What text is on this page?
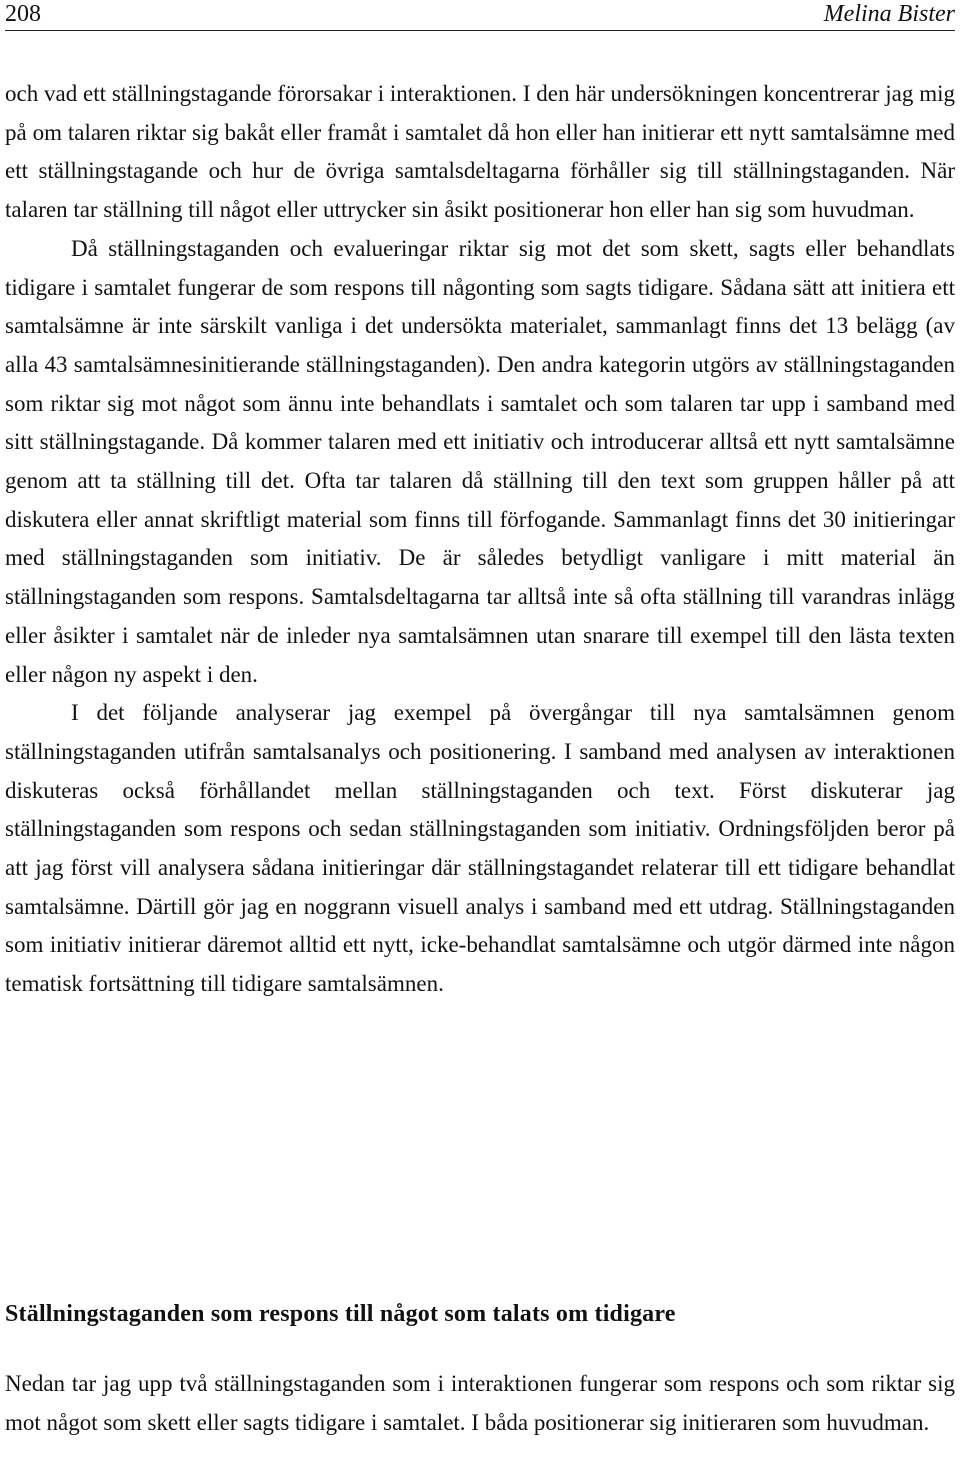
208	Melina Bister

och vad ett ställningstagande förorsakar i interaktionen. I den här undersökningen koncentrerar jag mig på om talaren riktar sig bakåt eller framåt i samtalet då hon eller han initierar ett nytt samtalsämne med ett ställningstagande och hur de övriga samtalsdeltagarna förhåller sig till ställningstaganden. När talaren tar ställning till något eller uttrycker sin åsikt positionerar hon eller han sig som huvudman.

Då ställningstaganden och evalueringar riktar sig mot det som skett, sagts eller behandlats tidigare i samtalet fungerar de som respons till någonting som sagts tidigare. Sådana sätt att initiera ett samtalsämne är inte särskilt vanliga i det undersökta materialet, sammanlagt finns det 13 belägg (av alla 43 samtalsämnesinitierande ställningstaganden). Den andra kategorin utgörs av ställningstaganden som riktar sig mot något som ännu inte behandlats i samtalet och som talaren tar upp i samband med sitt ställningstagande. Då kommer talaren med ett initiativ och introducerar alltså ett nytt samtalsämne genom att ta ställning till det. Ofta tar talaren då ställning till den text som gruppen håller på att diskutera eller annat skriftligt material som finns till förfogande. Sammanlagt finns det 30 initieringar med ställningstaganden som initiativ. De är således betydligt vanligare i mitt material än ställningstaganden som respons. Samtalsdeltagarna tar alltså inte så ofta ställning till varandras inlägg eller åsikter i samtalet när de inleder nya samtalsämnen utan snarare till exempel till den lästa texten eller någon ny aspekt i den.

I det följande analyserar jag exempel på övergångar till nya samtalsämnen genom ställningstaganden utifrån samtalsanalys och positionering. I samband med analysen av interaktionen diskuteras också förhållandet mellan ställningstaganden och text. Först diskuterar jag ställningstaganden som respons och sedan ställningstaganden som initiativ. Ordningsföljden beror på att jag först vill analysera sådana initieringar där ställningstagandet relaterar till ett tidigare behandlat samtalsämne. Därtill gör jag en noggrann visuell analys i samband med ett utdrag. Ställningstaganden som initiativ initierar däremot alltid ett nytt, icke-behandlat samtalsämne och utgör därmed inte någon tematisk fortsättning till tidigare samtalsämnen.

Ställningstaganden som respons till något som talats om tidigare

Nedan tar jag upp två ställningstaganden som i interaktionen fungerar som respons och som riktar sig mot något som skett eller sagts tidigare i samtalet. I båda positionerar sig initieraren som huvudman.
